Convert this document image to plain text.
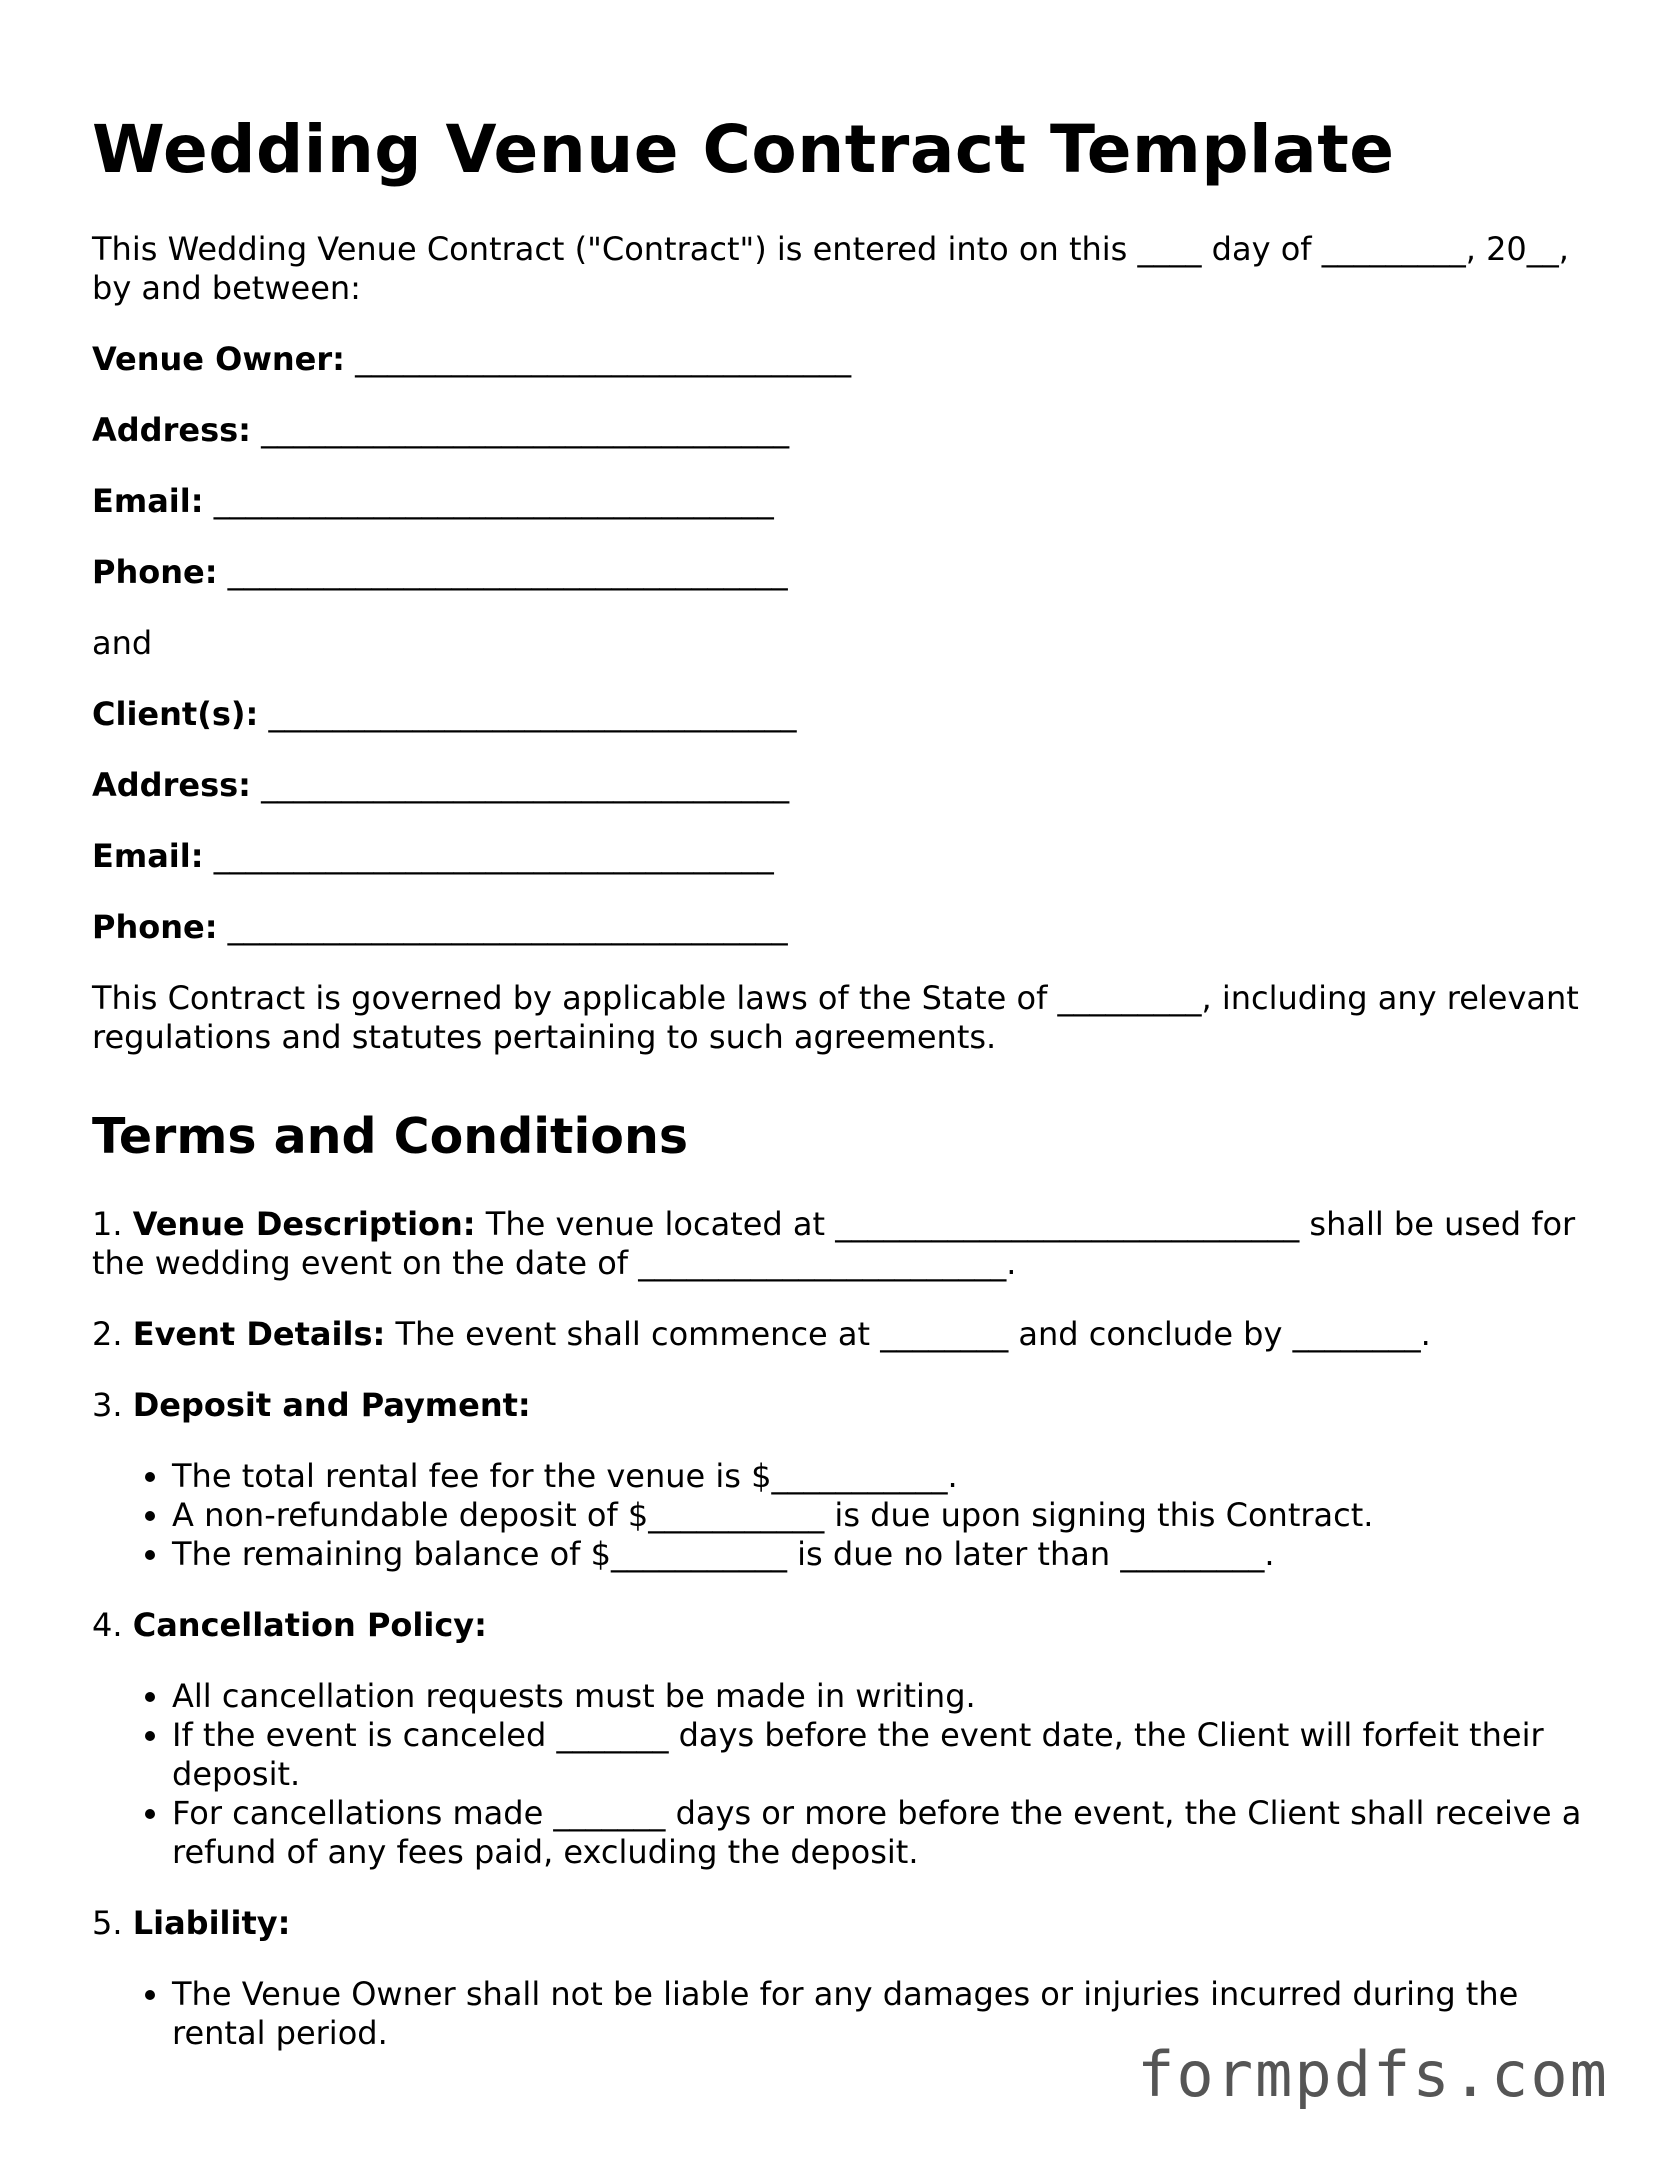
Wedding Venue Contract Template

This Wedding Venue Contract ("Contract") is entered into on this ____ day of _________, 20__, by and between:

Venue Owner: _______________________________

Address: _________________________________

Email: ___________________________________

Phone: ___________________________________

and

Client(s): _________________________________

Address: _________________________________

Email: ___________________________________

Phone: ___________________________________

This Contract is governed by applicable laws of the State of _________, including any relevant regulations and statutes pertaining to such agreements.

Terms and Conditions

1. Venue Description: The venue located at _____________________________ shall be used for the wedding event on the date of _______________________.

2. Event Details: The event shall commence at ________ and conclude by ________.

3. Deposit and Payment:

• The total rental fee for the venue is $___________.
• A non-refundable deposit of $___________ is due upon signing this Contract.
• The remaining balance of $___________ is due no later than _________.

4. Cancellation Policy:

• All cancellation requests must be made in writing.
• If the event is canceled _______ days before the event date, the Client will forfeit their deposit.
• For cancellations made _______ days or more before the event, the Client shall receive a refund of any fees paid, excluding the deposit.

5. Liability:

• The Venue Owner shall not be liable for any damages or injuries incurred during the rental period.
formpdfs.com
